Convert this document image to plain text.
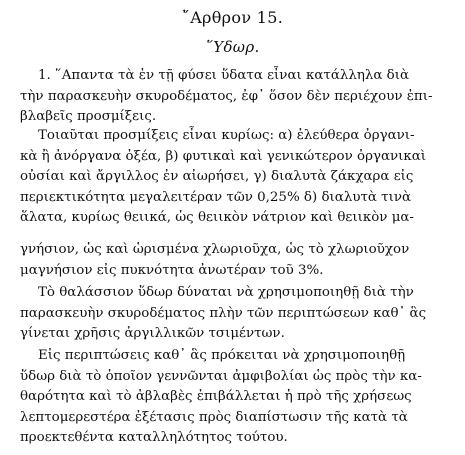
῎Αρθρον 15.
῞Υδωρ.
1. ῞Απαντα τὰ ἐν τῇ φύσει ὕδατα εἶναι κατάλληλα διὰ
τὴν παρασκευὴν σκυροδέματος, ἐφ᾿ ὅσον δὲν περιέχουν ἐπι-
βλαβεῖς προσμίξεις.
Τοιαῦται προσμίξεις εἶναι κυρίως: α) ἐλεύθερα ὀργανι-
κὰ ἢ ἀνόργανα ὀξέα, β) φυτικαὶ καὶ γενικώτερον ὀργανικαὶ
οὐσίαι καὶ ἄργιλλος ἐν αἰωρήσει, γ) διαλυτὰ ζάκχαρα εἰς
περιεκτικότητα μεγαλειτέραν τῶν 0,25% δ) διαλυτὰ τινὰ
ἅλατα, κυρίως θειικά, ὡς θειικὸν νάτριον καὶ θειικὸν μα-
γνήσιον, ὡς καὶ ὡρισμένα χλωριοῦχα, ὡς τὸ χλωριοῦχον
μαγνήσιον εἰς πυκνότητα ἀνωτέραν τοῦ 3%.
Τὸ θαλάσσιον ὕδωρ δύναται νὰ χρησιμοποιηθῇ διὰ τὴν
παρασκευὴν σκυροδέματος πλὴν τῶν περιπτώσεων καθ᾿ ἃς
γίνεται χρῆσις ἀργιλλικῶν τσιμέντων.
Εἰς περιπτώσεις καθ᾿ ἃς πρόκειται νὰ χρησιμοποιηθῇ
ὕδωρ διὰ τὸ ὁποῖον γεννῶνται ἀμφιβολίαι ὡς πρὸς τὴν κα-
θαρότητα καὶ τὸ ἀβλαβὲς ἐπιβάλλεται ἡ πρὸ τῆς χρήσεως
λεπτομερεστέρα ἐξέτασις πρὸς διαπίστωσιν τῆς κατὰ τὰ
προεκτεθέντα καταλληλότητος τούτου.
